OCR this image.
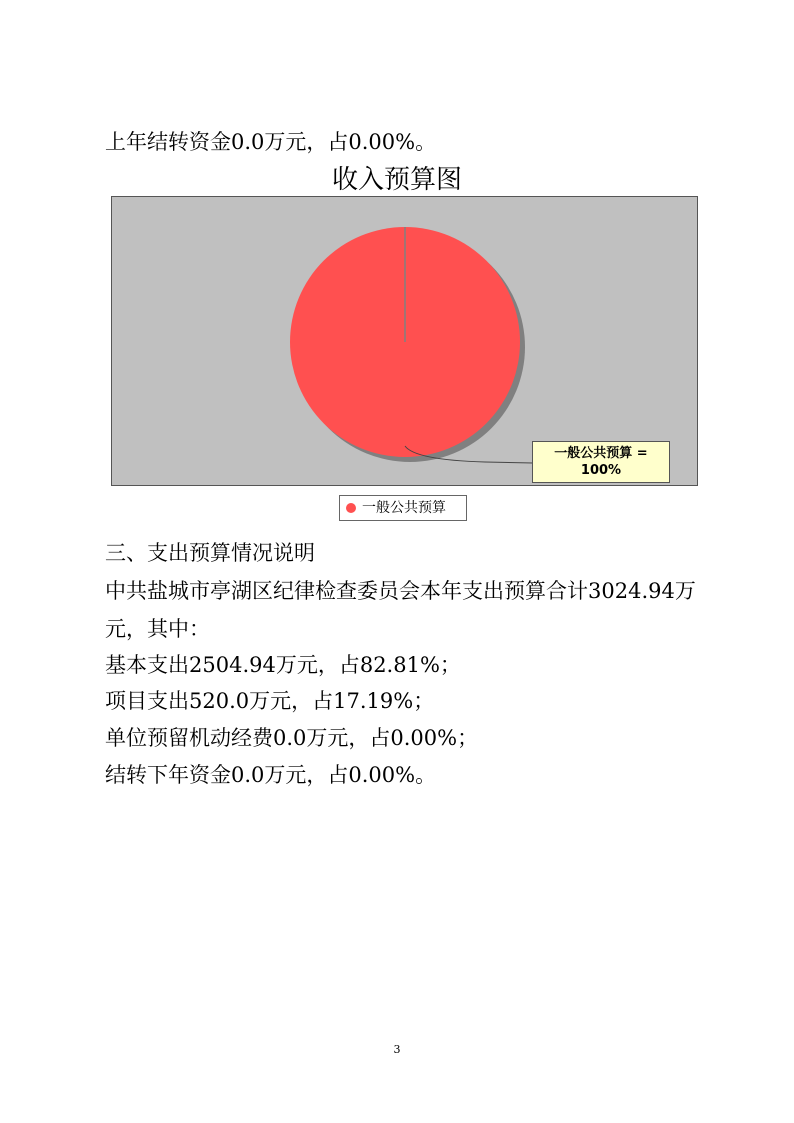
上年结转资金0.0万元，占0.00%。
收入预算图
一般公共预算 =
100%
一般公共预算
三、支出预算情况说明
中共盐城市亭湖区纪律检查委员会本年支出预算合计3024.94万
元，其中：
基本支出2504.94万元，占82.81%；
项目支出520.0万元，占17.19%；
单位预留机动经费0.0万元，占0.00%；
结转下年资金0.0万元，占0.00%。
3
